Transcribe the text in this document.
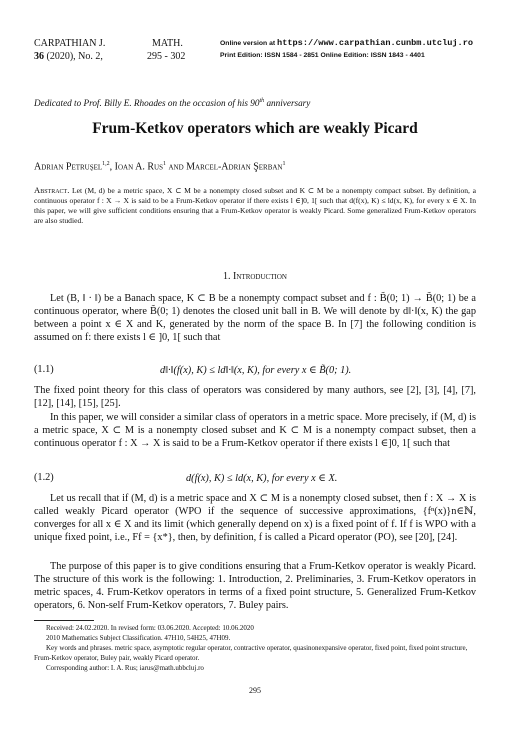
CARPATHIAN J.
36 (2020), No. 2,
MATH.
295 - 302
Online version at https://www.carpathian.cunbm.utcluj.ro
Print Edition: ISSN 1584 - 2851 Online Edition: ISSN 1843 - 4401
Dedicated to Prof. Billy E. Rhoades on the occasion of his 90th anniversary
Frum-Ketkov operators which are weakly Picard
Adrian Petruşel$^{1,2}$, Ioan A. Rus$^1$ and Marcel-Adrian Şerban$^1$
Abstract. Let (M, d) be a metric space, X ⊂ M be a nonempty closed subset and K ⊂ M be a nonempty compact subset. By definition, a continuous operator f : X → X is said to be a Frum-Ketkov operator if there exists l ∈]0, 1[ such that d(f(x), K) ≤ ld(x, K), for every x ∈ X. In this paper, we will give sufficient conditions ensuring that a Frum-Ketkov operator is weakly Picard. Some generalized Frum-Ketkov operators are also studied.
1. Introduction
Let (B, ‖ · ‖) be a Banach space, K ⊂ B be a nonempty compact subset and f : B̃(0; 1) → B̃(0; 1) be a continuous operator, where B̃(0; 1) denotes the closed unit ball in B. We will denote by d‖·‖(x, K) the gap between a point x ∈ X and K, generated by the norm of the space B. In [7] the following condition is assumed on f: there exists l ∈ ]0, 1[ such that
(1.1)	d‖·‖(f(x), K) ≤ ld‖·‖(x, K), for every x ∈ B̃(0; 1).
The fixed point theory for this class of operators was considered by many authors, see [2], [3], [4], [7], [12], [14], [15], [25].
In this paper, we will consider a similar class of operators in a metric space. More precisely, if (M, d) is a metric space, X ⊂ M is a nonempty closed subset and K ⊂ M is a nonempty compact subset, then a continuous operator f : X → X is said to be a Frum-Ketkov operator if there exists l ∈]0, 1[ such that
(1.2)	d(f(x), K) ≤ ld(x, K), for every x ∈ X.
Let us recall that if (M, d) is a metric space and X ⊂ M is a nonempty closed subset, then f : X → X is called weakly Picard operator (WPO if the sequence of successive approximations, {fⁿ(x)}n∈ℕ, converges for all x ∈ X and its limit (which generally depend on x) is a fixed point of f. If f is WPO with a unique fixed point, i.e., Ff = {x*}, then, by definition, f is called a Picard operator (PO), see [20], [24].
The purpose of this paper is to give conditions ensuring that a Frum-Ketkov operator is weakly Picard. The structure of this work is the following: 1. Introduction, 2. Preliminaries, 3. Frum-Ketkov operators in metric spaces, 4. Frum-Ketkov operators in terms of a fixed point structure, 5. Generalized Frum-Ketkov operators, 6. Non-self Frum-Ketkov operators, 7. Buley pairs.
Received: 24.02.2020. In revised form: 03.06.2020. Accepted: 10.06.2020
2010 Mathematics Subject Classification. 47H10, 54H25, 47H09.
Key words and phrases. metric space, asymptotic regular operator, contractive operator, quasinonexpansive operator, fixed point, fixed point structure, Frum-Ketkov operator, Buley pair, weakly Picard operator.
Corresponding author: I. A. Rus; iarus@math.ubbcluj.ro
295
